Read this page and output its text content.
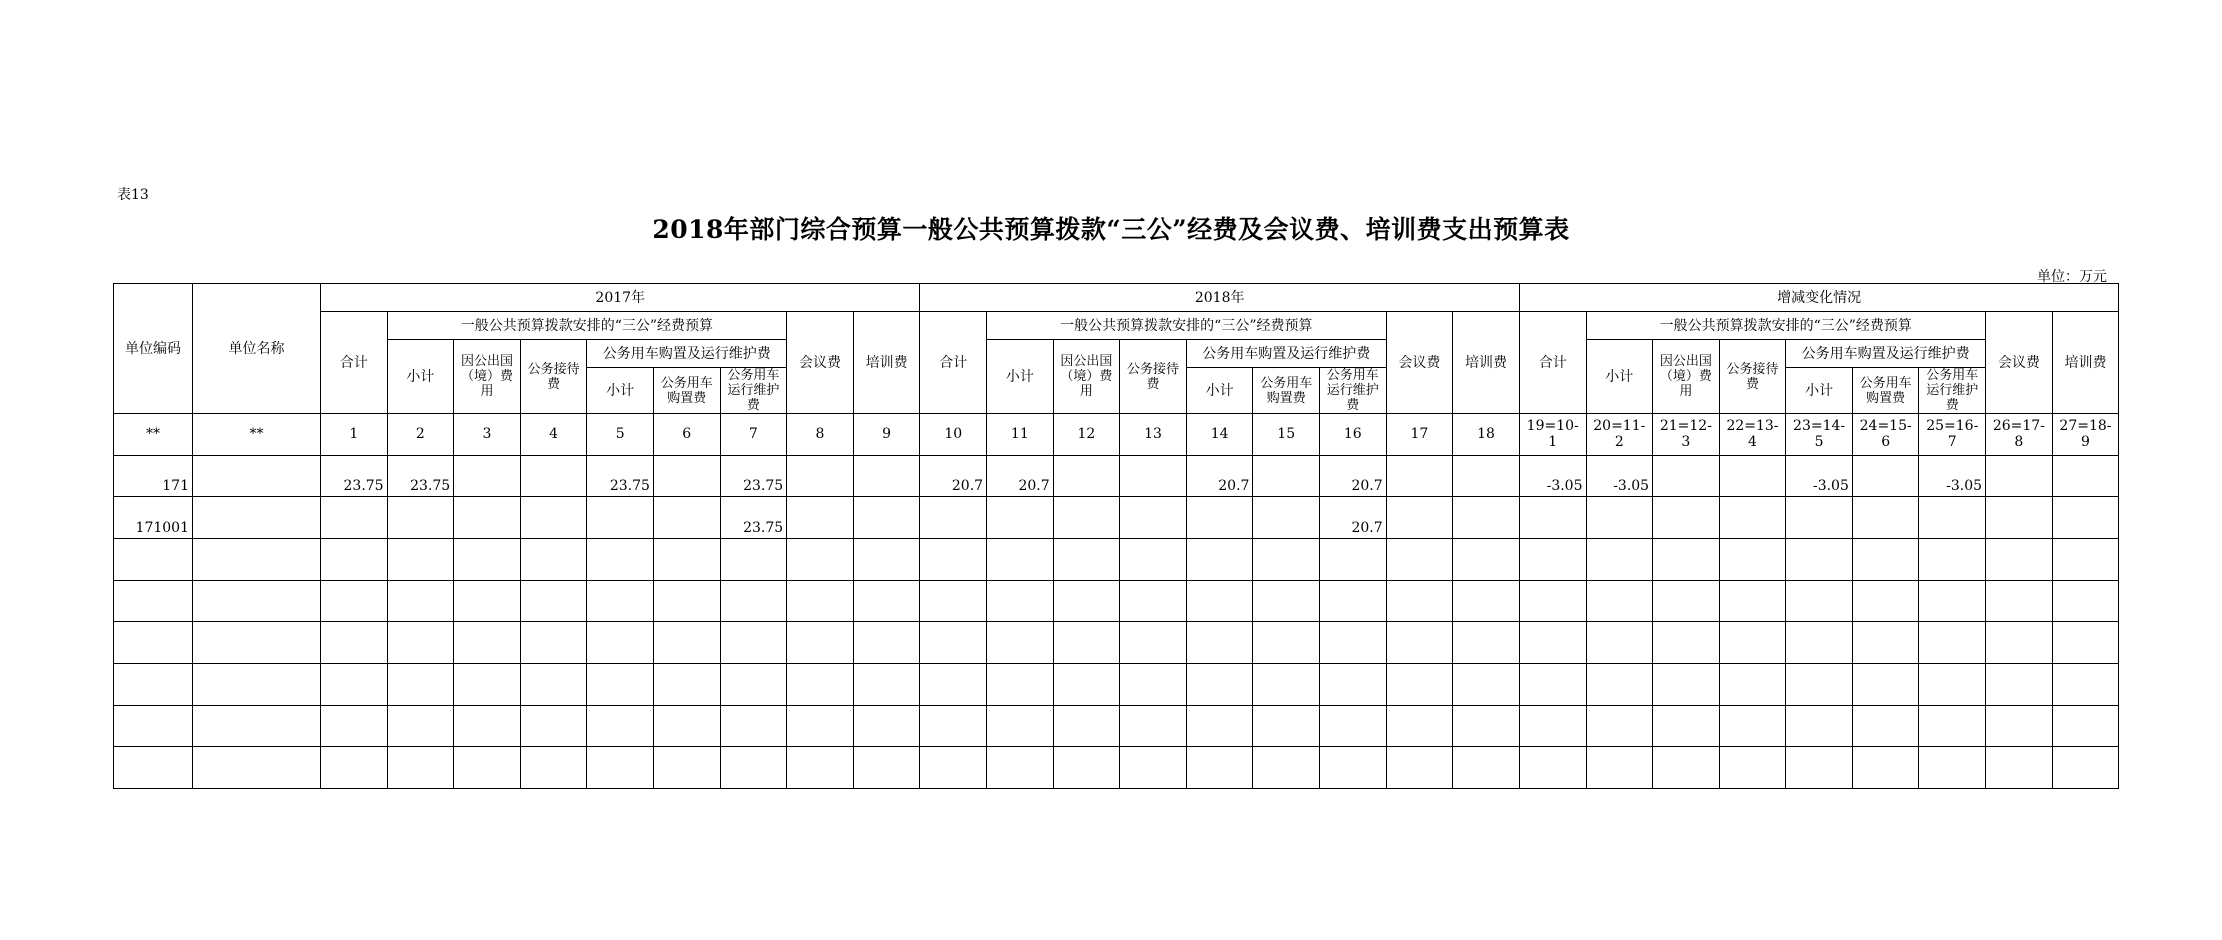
表13
2018年部门综合预算一般公共预算拨款“三公”经费及会议费、培训费支出预算表
单位：万元
单位编码	单位名称	2017年									2018年									增减变化情况								
		合计	一般公共预算拨款安排的“三公”经费预算						会议费	培训费	合计	一般公共预算拨款安排的“三公”经费预算						会议费	培训费	合计	一般公共预算拨款安排的“三公”经费预算						会议费	培训费
			小计	因公出国（境）费用	公务接待费	公务用车购置及运行维护费						小计	因公出国（境）费用	公务接待费	公务用车购置及运行维护费						小计	因公出国（境）费用	公务接待费	公务用车购置及运行维护费				
						小计	公务用车购置费	公务用车运行维护费							小计	公务用车购置费	公务用车运行维护费							小计	公务用车购置费	公务用车运行维护费		
**	**	1	2	3	4	5	6	7	8	9	10	11	12	13	14	15	16	17	18	19=10-1	20=11-2	21=12-3	22=13-4	23=14-5	24=15-6	25=16-7	26=17-8	27=18-9
171		23.75	23.75			23.75		23.75			20.7	20.7			20.7		20.7			-3.05	-3.05			-3.05		-3.05		
171001								23.75									20.7											
